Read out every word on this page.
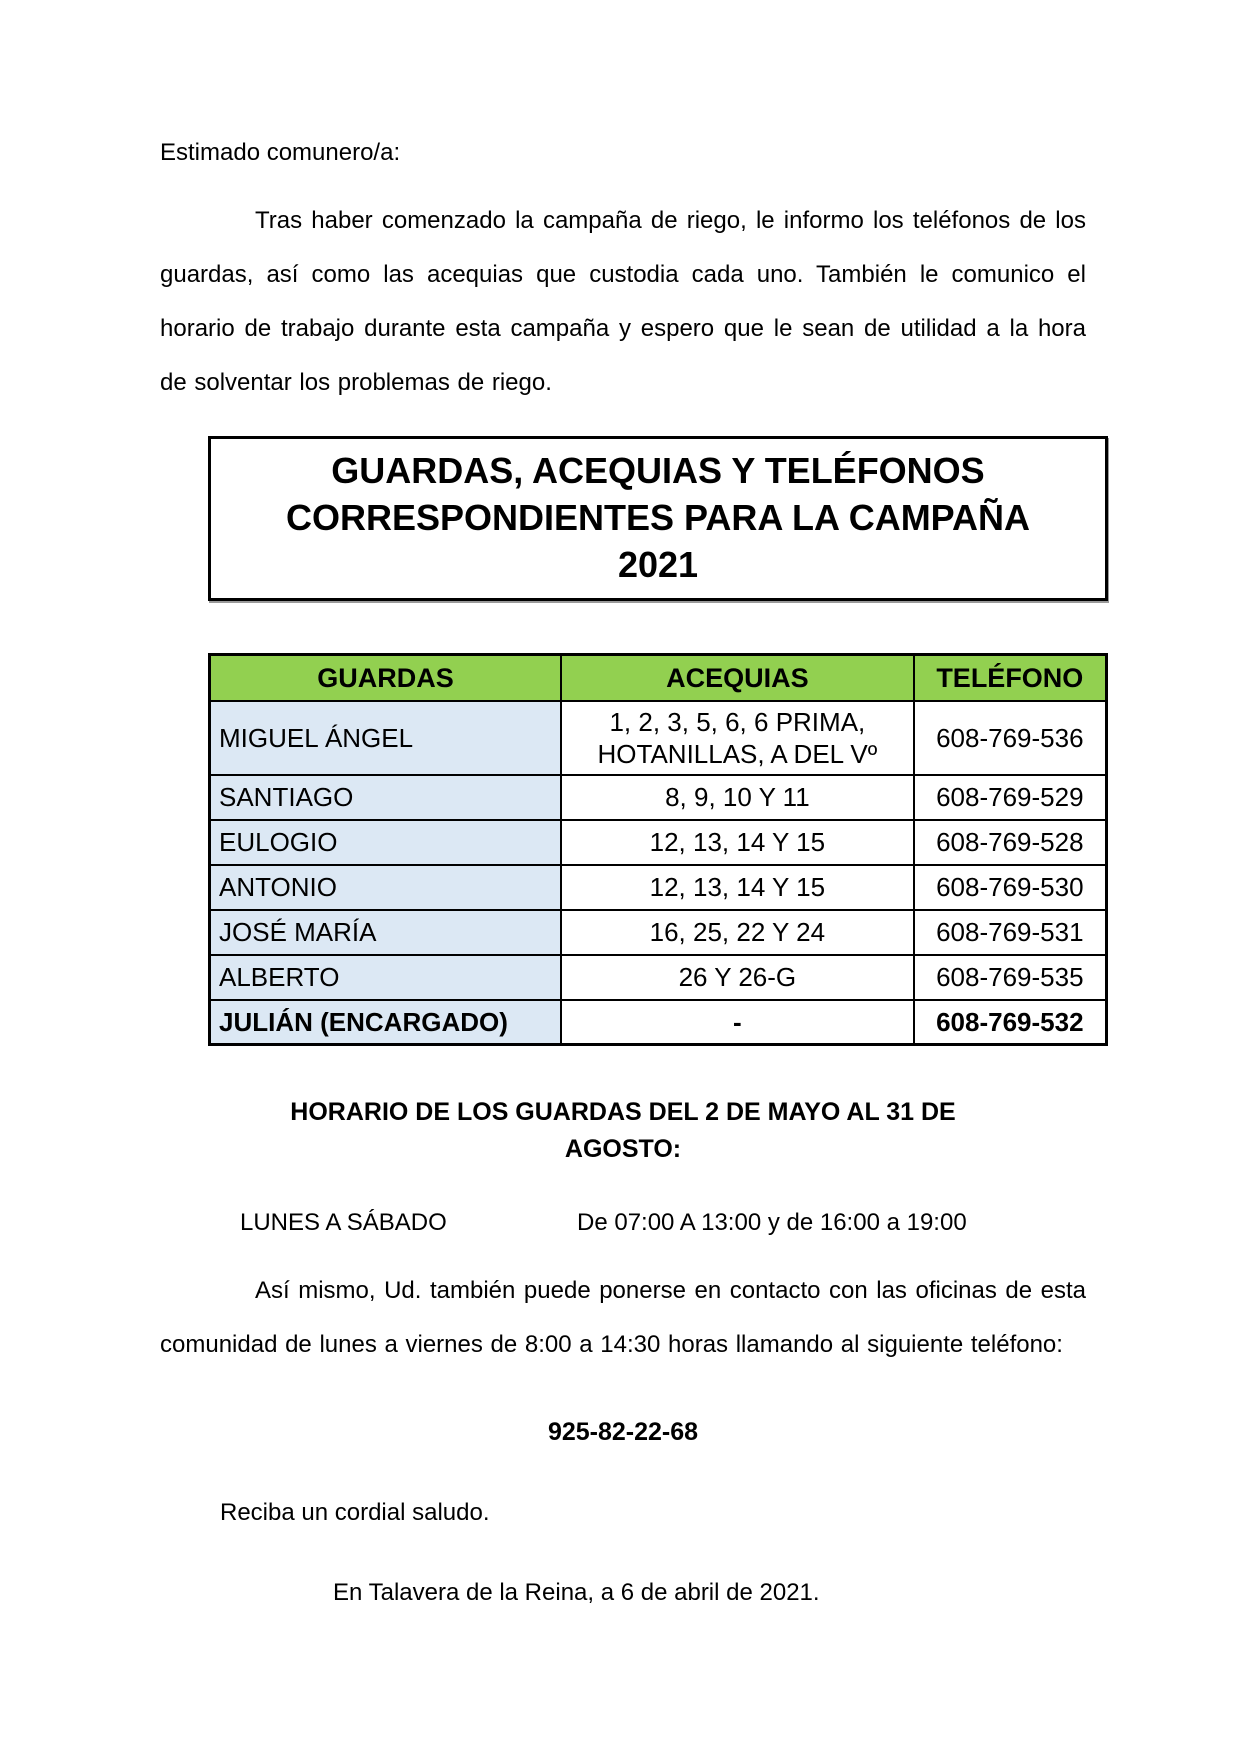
Estimado comunero/a:

Tras haber comenzado la campaña de riego, le informo los teléfonos de los guardas, así como las acequias que custodia cada uno. También le comunico el horario de trabajo durante esta campaña y espero que le sean de utilidad a la hora de solventar los problemas de riego.

GUARDAS, ACEQUIAS Y TELÉFONOS
CORRESPONDIENTES PARA LA CAMPAÑA
2021
GUARDAS	ACEQUIAS	TELÉFONO
MIGUEL ÁNGEL	1, 2, 3, 5, 6, 6 PRIMA, HOTANILLAS, A DEL Vº	608-769-536
SANTIAGO	8, 9, 10 Y 11	608-769-529
EULOGIO	12, 13, 14 Y 15	608-769-528
ANTONIO	12, 13, 14 Y 15	608-769-530
JOSÉ MARÍA	16, 25, 22 Y 24	608-769-531
ALBERTO	26 Y 26-G	608-769-535
JULIÁN (ENCARGADO)	-	608-769-532
HORARIO DE LOS GUARDAS DEL 2 DE MAYO AL 31 DE
AGOSTO:
LUNES A SÁBADO	De 07:00 A 13:00 y de 16:00 a 19:00

Así mismo, Ud. también puede ponerse en contacto con las oficinas de esta comunidad de lunes a viernes de 8:00 a 14:30 horas llamando al siguiente teléfono:

925-82-22-68
Reciba un cordial saludo.
En Talavera de la Reina, a 6 de abril de 2021.
